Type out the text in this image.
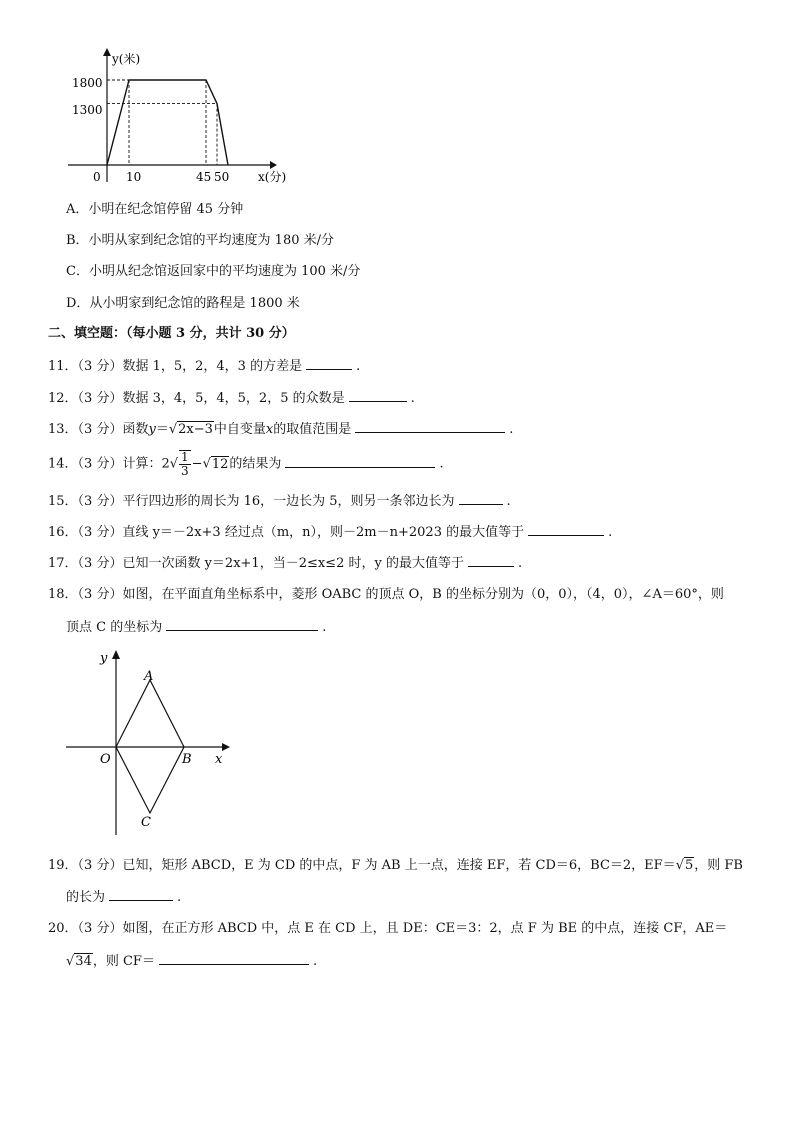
y(米)
x(分)
1800
1300
0 10	45 50
A．小明在纪念馆停留 45 分钟
B．小明从家到纪念馆的平均速度为 180 米/分
C．小明从纪念馆返回家中的平均速度为 100 米/分
D．从小明家到纪念馆的路程是 1800 米
二、填空题：（每小题 3 分，共计 30 分）
11．（3 分）数据 1，5，2，4，3 的方差是	.
12．（3 分）数据 3，4，5，4，5，2，5 的众数是	.
13．（3 分）函数y＝√2x−3中自变量x的取值范围是	.
14．（3 分）计算：$2√ \frac{1}{3} -√12$的结果为	.
15．（3 分）平行四边形的周长为 16，一边长为 5，则另一条邻边长为	.
16．（3 分）直线 y＝－2x+3 经过点（m，n），则－2m－n+2023 的最大值等于	.
17．（3 分）已知一次函数 y＝2x+1，当－2≤x≤2 时，y 的最大值等于	.
18．（3 分）如图，在平面直角坐标系中，菱形 OABC 的顶点 O，B 的坐标分别为（0，0），（4，0），∠A＝60°，则
顶点 C 的坐标为	.
y
x
A
O	B
C
19．（3 分）已知，矩形 ABCD，E 为 CD 的中点，F 为 AB 上一点，连接 EF，若 CD＝6，BC＝2，EF＝√5，则 FB
的长为	.
20．（3 分）如图，在正方形 ABCD 中，点 E 在 CD 上，且 DE：CE＝3：2，点 F 为 BE 的中点，连接 CF，AE＝
√34，则 CF＝	.
